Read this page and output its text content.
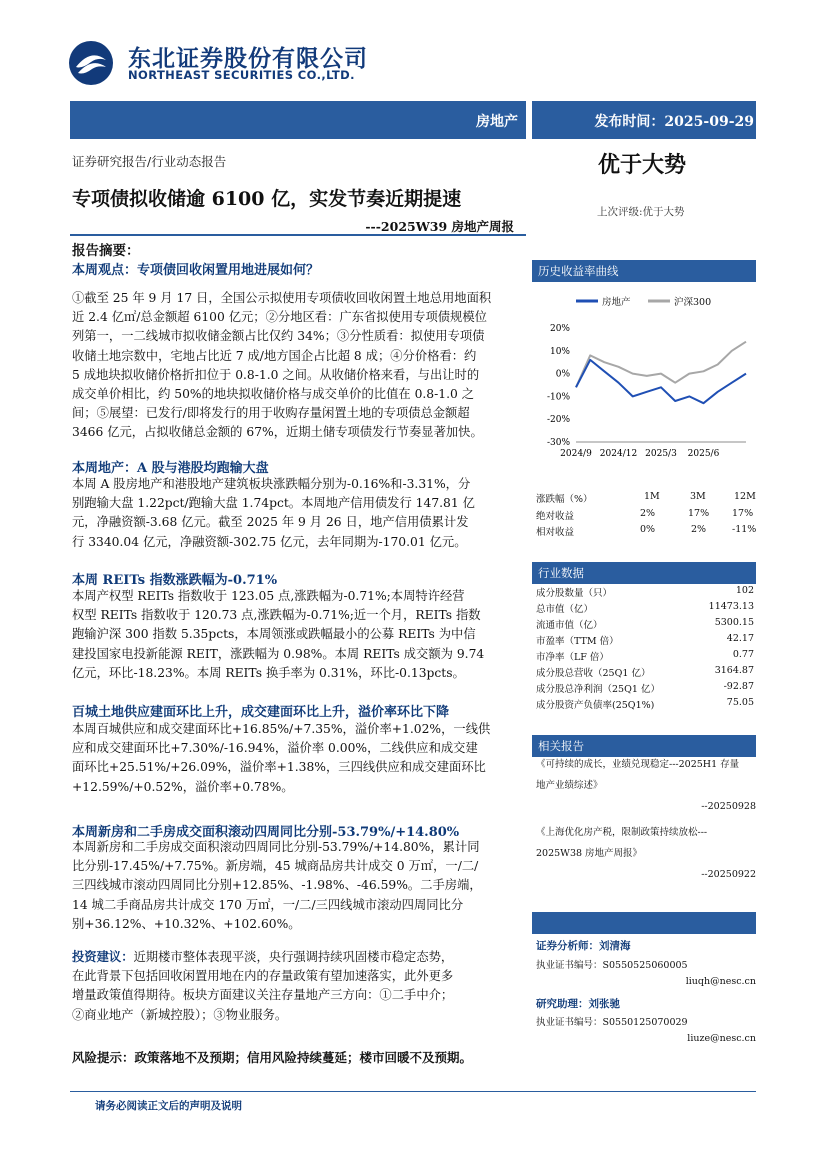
东北证券股份有限公司
NORTHEAST SECURITIES CO.,LTD.
房地产	发布时间：2025-09-29
证券研究报告/行业动态报告	优于大势
专项债拟收储逾 6100 亿，实发节奏近期提速
---2025W39 房地产周报
上次评级:优于大势
报告摘要：
本周观点：专项债回收闲置用地进展如何？

①截至 25 年 9 月 17 日，全国公示拟使用专项债收回收闲置土地总用地面积

近 2.4 亿㎡/总金额超 6100 亿元；②分地区看：广东省拟使用专项债规模位

列第一，一二线城市拟收储金额占比仅约 34%；③分性质看：拟使用专项债

收储土地宗数中，宅地占比近 7 成/地方国企占比超 8 成；④分价格看：约

5 成地块拟收储价格折扣位于 0.8-1.0 之间。从收储价格来看，与出让时的

成交单价相比，约 50%的地块拟收储价格与成交单价的比值在 0.8-1.0 之

间；⑤展望：已发行/即将发行的用于收购存量闲置土地的专项债总金额超

3466 亿元，占拟收储总金额的 67%，近期土储专项债发行节奏显著加快。

本周地产：A 股与港股均跑输大盘

本周 A 股房地产和港股地产建筑板块涨跌幅分别为-0.16%和-3.31%，分

别跑输大盘 1.22pct/跑输大盘 1.74pct。本周地产信用债发行 147.81 亿

元，净融资额-3.68 亿元。截至 2025 年 9 月 26 日，地产信用债累计发

行 3340.04 亿元，净融资额-302.75 亿元，去年同期为-170.01 亿元。

本周 REITs 指数涨跌幅为-0.71%

本周产权型 REITs 指数收于 123.05 点,涨跌幅为-0.71%;本周特许经营

权型 REITs 指数收于 120.73 点,涨跌幅为-0.71%;近一个月，REITs 指数

跑输沪深 300 指数 5.35pcts，本周领涨或跌幅最小的公募 REITs 为中信

建投国家电投新能源 REIT，涨跌幅为 0.98%。本周 REITs 成交额为 9.74

亿元，环比-18.23%。本周 REITs 换手率为 0.31%，环比-0.13pcts。

百城土地供应建面环比上升，成交建面环比上升，溢价率环比下降

本周百城供应和成交建面环比+16.85%/+7.35%，溢价率+1.02%，一线供

应和成交建面环比+7.30%/-16.94%，溢价率 0.00%，二线供应和成交建

面环比+25.51%/+26.09%，溢价率+1.38%，三四线供应和成交建面环比

+12.59%/+0.52%，溢价率+0.78%。

本周新房和二手房成交面积滚动四周同比分别-53.79%/+14.80%

本周新房和二手房成交面积滚动四周同比分别-53.79%/+14.80%，累计同

比分别-17.45%/+7.75%。新房端，45 城商品房共计成交 0 万㎡，一/二/

三四线城市滚动四周同比分别+12.85%、-1.98%、-46.59%。二手房端，

14 城二手商品房共计成交 170 万㎡，一/二/三四线城市滚动四周同比分

别+36.12%、+10.32%、+102.60%。

投资建议：近期楼市整体表现平淡，央行强调持续巩固楼市稳定态势，

在此背景下包括回收闲置用地在内的存量政策有望加速落实，此外更多

增量政策值得期待。板块方面建议关注存量地产三方向：①二手中介；

②商业地产（新城控股）；③物业服务。

风险提示：政策落地不及预期；信用风险持续蔓延；楼市回暖不及预期。
历史收益率曲线
房地产	沪深300
20%
10%
0%
-10%
-20%
-30%
2024/9 2024/12 2025/3 2025/6
涨跌幅（%）	1M	3M	12M
绝对收益	2%	17% 17%
相对收益	0%	2%	-11%
行业数据
成分股数量（只）	102
总市值（亿）	11473.13
流通市值（亿）	5300.15
市盈率（TTM 倍）	42.17
市净率（LF 倍）	0.77
成分股总营收（25Q1 亿）	3164.87
成分股总净利润（25Q1 亿）	-92.87
成分股资产负债率(25Q1%)	75.05
相关报告
《可持续的成长，业绩兑现稳定---2025H1 存量
地产业绩综述》
--20250928
《上海优化房产税，限制政策持续放松---
2025W38 房地产周报》
--20250922
证券分析师：刘清海
执业证书编号：S0550525060005
liuqh@nesc.cn
研究助理：刘张驰
执业证书编号：S0550125070029
liuze@nesc.cn
请务必阅读正文后的声明及说明
